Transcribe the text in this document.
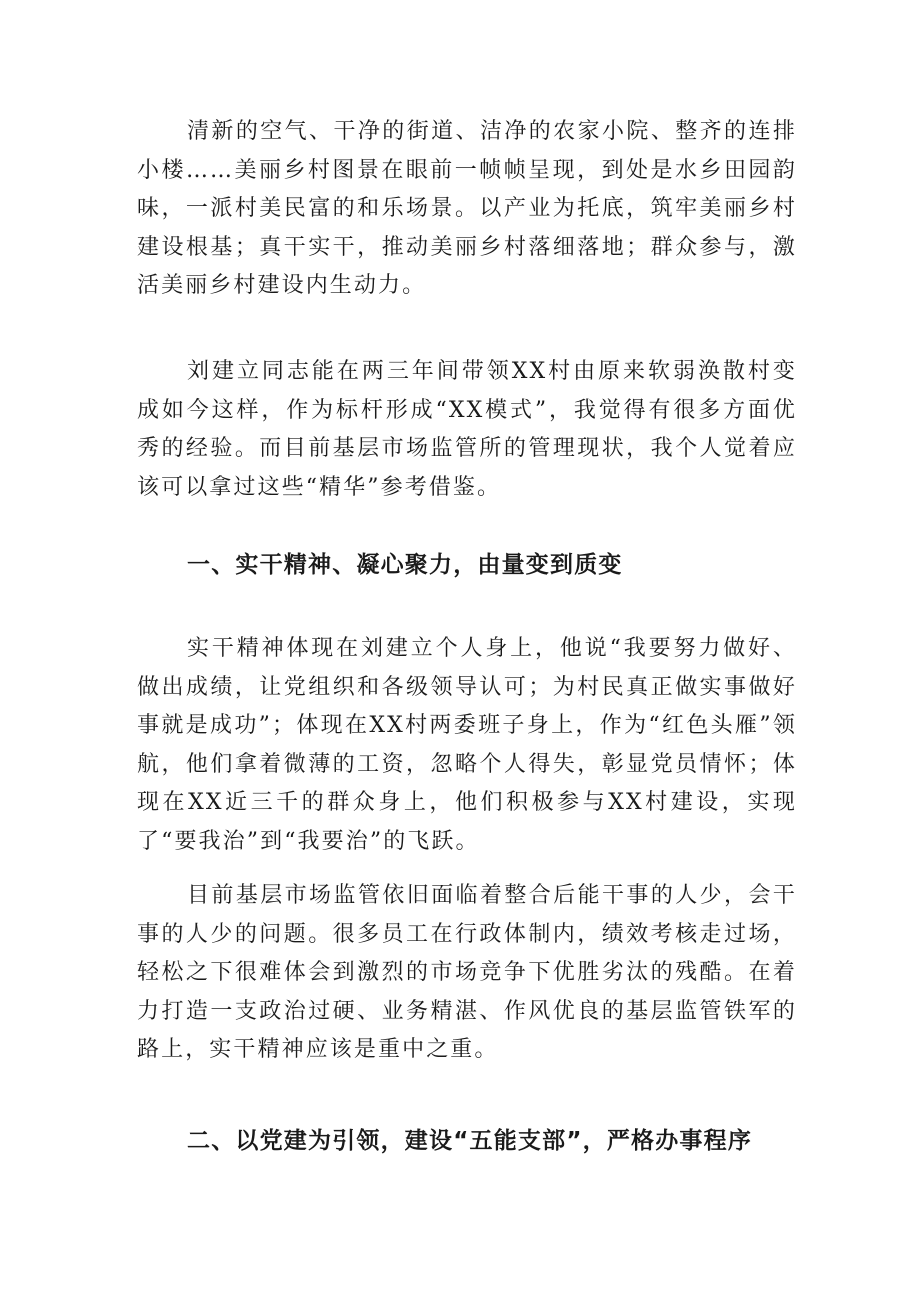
清新的空气、干净的街道、洁净的农家小院、整齐的连排小楼……美丽乡村图景在眼前一帧帧呈现，到处是水乡田园韵味，一派村美民富的和乐场景。以产业为托底，筑牢美丽乡村建设根基；真干实干，推动美丽乡村落细落地；群众参与，激活美丽乡村建设内生动力。

刘建立同志能在两三年间带领XX村由原来软弱涣散村变成如今这样，作为标杆形成“XX模式”，我觉得有很多方面优秀的经验。而目前基层市场监管所的管理现状，我个人觉着应该可以拿过这些“精华”参考借鉴。

一、实干精神、凝心聚力，由量变到质变

实干精神体现在刘建立个人身上，他说“我要努力做好、做出成绩，让党组织和各级领导认可；为村民真正做实事做好事就是成功”；体现在XX村两委班子身上，作为“红色头雁”领航，他们拿着微薄的工资，忽略个人得失，彰显党员情怀；体现在XX近三千的群众身上，他们积极参与XX村建设，实现了“要我治”到“我要治”的飞跃。

目前基层市场监管依旧面临着整合后能干事的人少，会干事的人少的问题。很多员工在行政体制内，绩效考核走过场，轻松之下很难体会到激烈的市场竞争下优胜劣汰的残酷。在着力打造一支政治过硬、业务精湛、作风优良的基层监管铁军的路上，实干精神应该是重中之重。

二、以党建为引领，建设“五能支部”，严格办事程序
